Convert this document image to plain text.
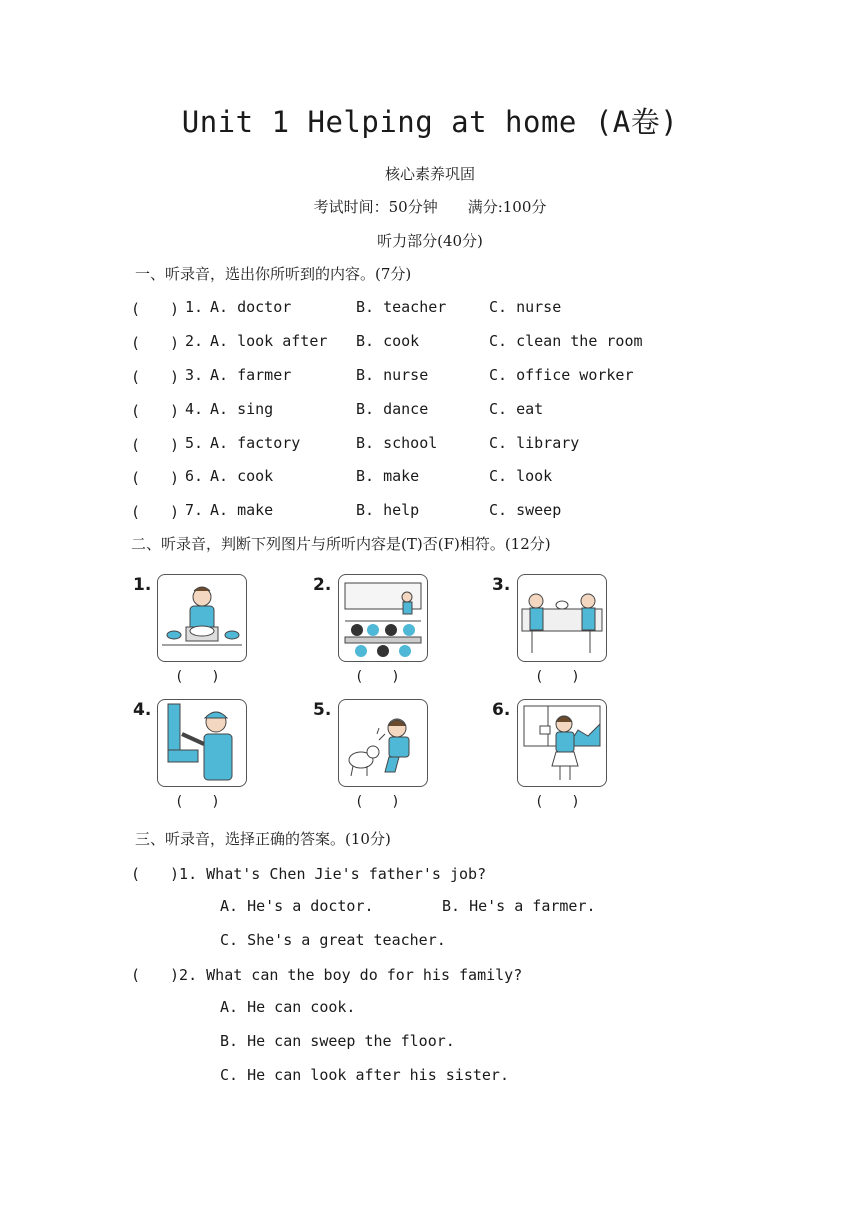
Unit 1 Helping at home (A卷)
核心素养巩固
考试时间：50分钟　　满分:100分
听力部分(40分)
一、听录音，选出你所听到的内容。(7分)
(　　) 1. A. doctor	B. teacher	C. nurse
(　　) 2. A. look after B. cook	C. clean the room
(　　) 3. A. farmer	B. nurse	C. office worker
(　　) 4. A. sing	B. dance	C. eat
(　　) 5. A. factory	B. school	C. library
(　　) 6. A. cook	B. make	C. look
(　　) 7. A. make	B. help	C. sweep
二、听录音，判断下列图片与所听内容是(T)否(F)相符。(12分)
1.
(　　)
2.
(　　)
3.
(　　)
4.
(　　)
5.
(　　)
6.
(　　)
三、听录音，选择正确的答案。(10分)
(　　)1. What's Chen Jie's father's job?
A. He's a doctor.	B. He's a farmer.
C. She's a great teacher.
(　　)2. What can the boy do for his family?
A. He can cook.
B. He can sweep the floor.
C. He can look after his sister.
